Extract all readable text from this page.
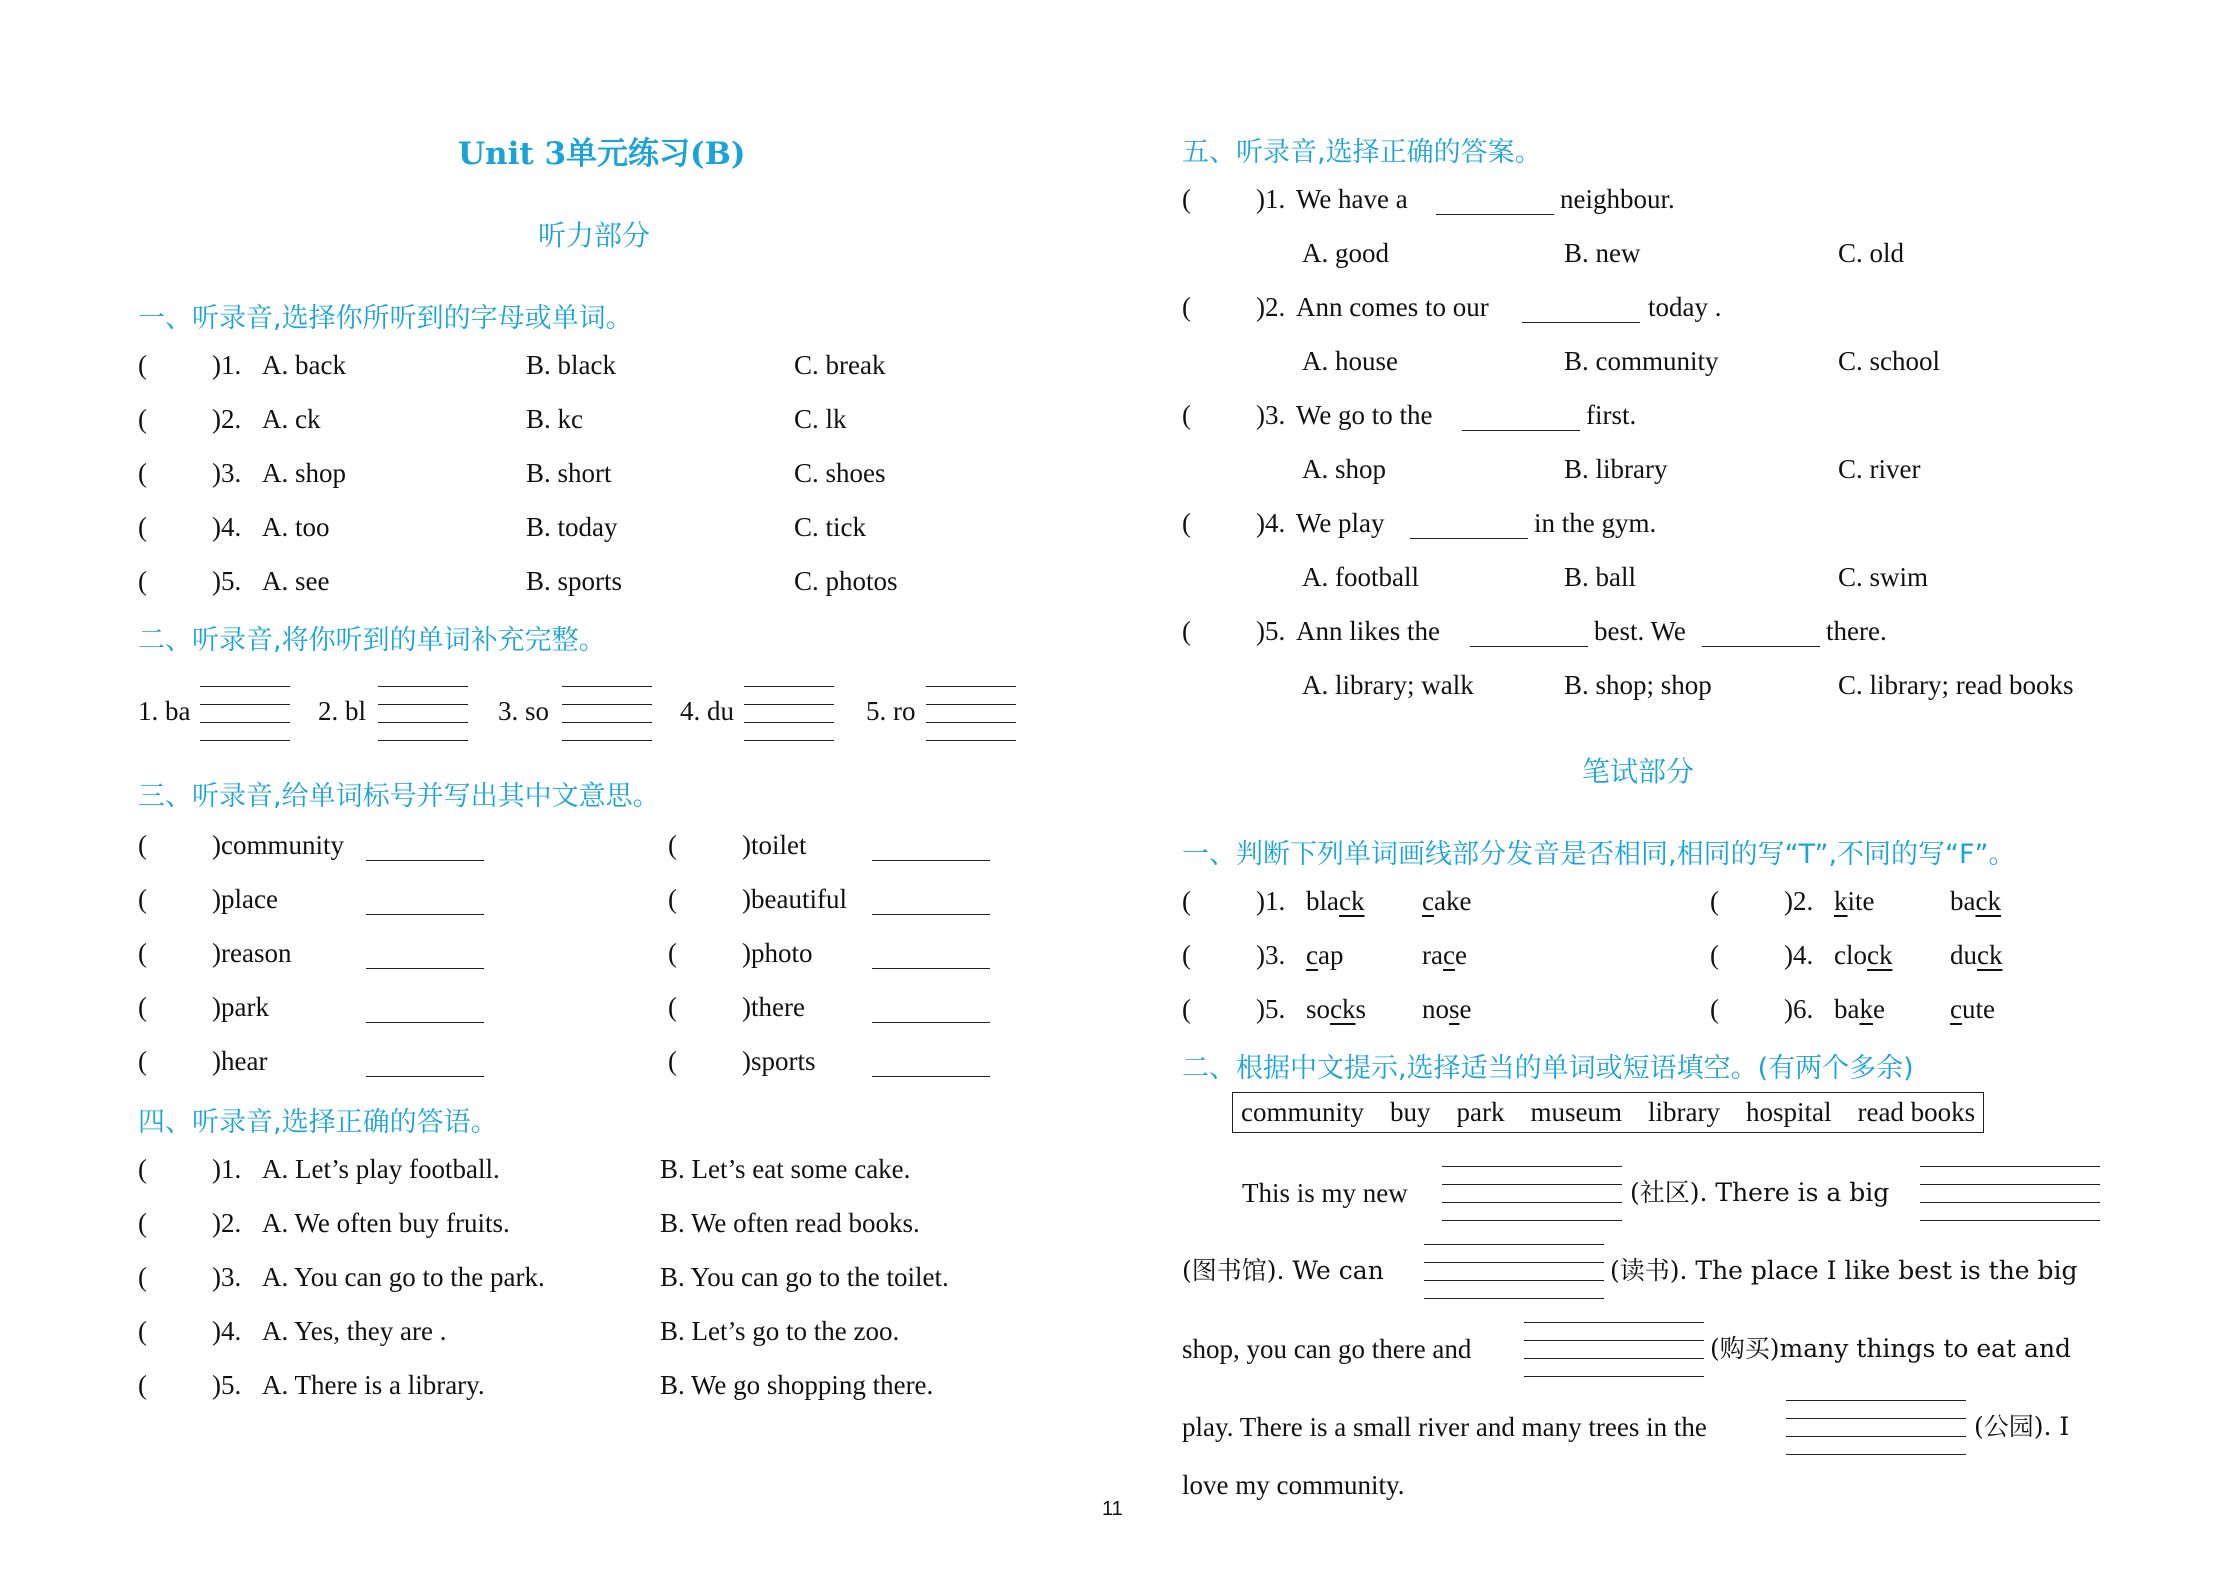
Unit 3单元练习(B)
听力部分
一、听录音,选择你所听到的字母或单词。
( )1. A. back	B. black	C. break
( )2. A. ck	B. kc	C. lk
( )3. A. shop	B. short	C. shoes
( )4. A. too	B. today	C. tick
( )5. A. see	B. sports	C. photos
二、听录音,将你听到的单词补充完整。
1. ba	2. bl	3. so	4. du	5. ro
三、听录音,给单词标号并写出其中文意思。
( )community	( )toilet
( )place	( )beautiful
( )reason	( )photo
( )park	( )there
( )hear	( )sports
四、听录音,选择正确的答语。
( )1. A. Let’s play football.	B. Let’s eat some cake.
( )2. A. We often buy fruits.	B. We often read books.
( )3. A. You can go to the park.	B. You can go to the toilet.
( )4. A. Yes, they are .	B. Let’s go to the zoo.
( )5. A. There is a library.	B. We go shopping there.
11
五、听录音,选择正确的答案。
( )1. We have a	neighbour.
A. good	B. new	C. old
( )2. Ann comes to our	today .
A. house	B. community	C. school
( )3. We go to the	first.
A. shop	B. library	C. river
( )4. We play	in the gym.
A. football	B. ball	C. swim
( )5. Ann likes the	best. We	there.
A. library; walk	B. shop; shop	C. library; read books
笔试部分
一、判断下列单词画线部分发音是否相同,相同的写“T”,不同的写“F”。
( )1. black cake	( )2. kite	back
( )3. cap	race	( )4. clock duck
( )5. socks nose	( )6. bake cute
二、根据中文提示,选择适当的单词或短语填空。(有两个多余)
community buy park museum library hospital read books
This is my new	(社区). There is a big
(图书馆). We can	(读书). The place I like best is the big
shop, you can go there and	(购买)many things to eat and
play. There is a small river and many trees in the	(公园). I
love my community.
